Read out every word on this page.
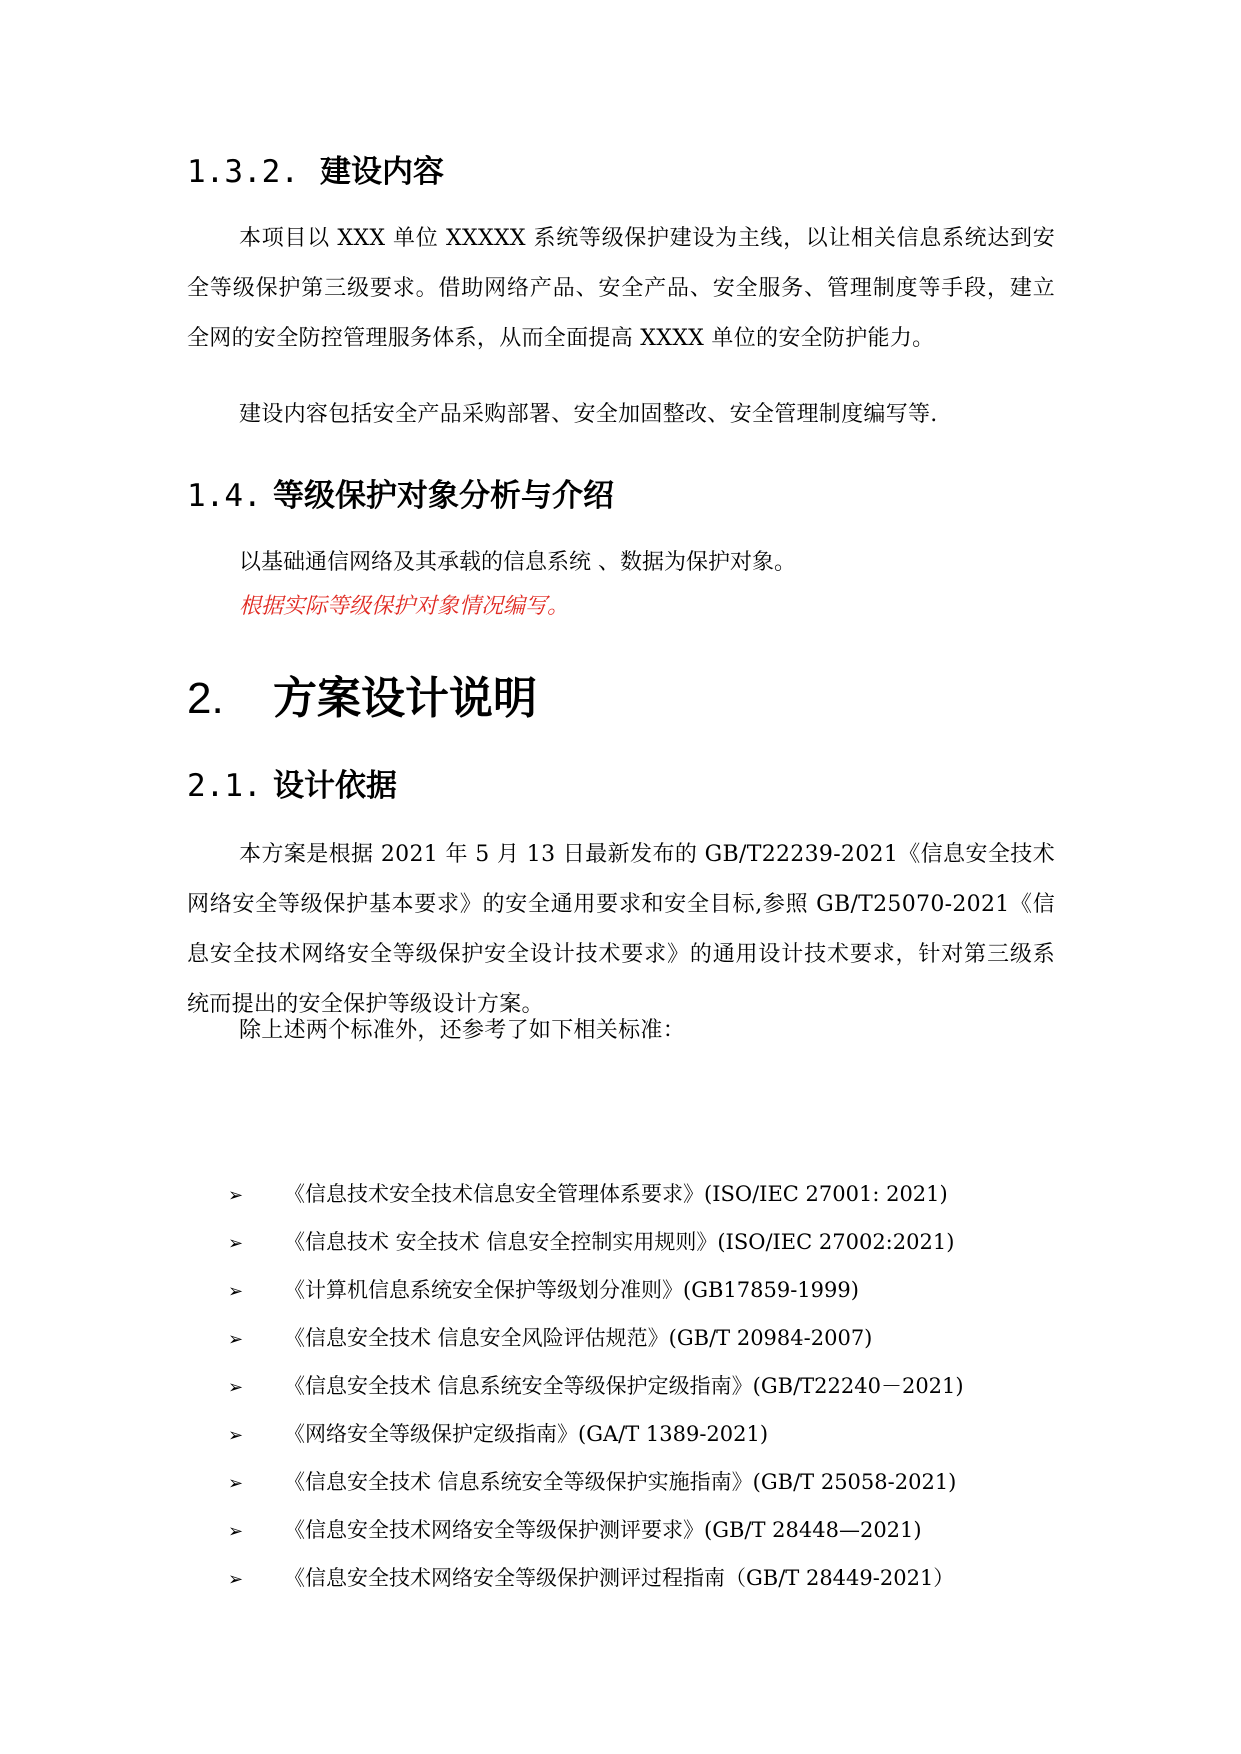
1.3.2. 建设内容

本项目以 XXX 单位 XXXXX 系统等级保护建设为主线，以让相关信息系统达到安全等级保护第三级要求。借助网络产品、安全产品、安全服务、管理制度等手段，建立全网的安全防控管理服务体系，从而全面提高 XXXX 单位的安全防护能力。

建设内容包括安全产品采购部署、安全加固整改、安全管理制度编写等.

1.4. 等级保护对象分析与介绍

以基础通信网络及其承载的信息系统 、数据为保护对象。

根据实际等级保护对象情况编写。

2. 方案设计说明
2.1. 设计依据

本方案是根据 2021 年 5 月 13 日最新发布的 GB/T22239-2021《信息安全技术网络安全等级保护基本要求》的安全通用要求和安全目标,参照 GB/T25070-2021《信息安全技术网络安全等级保护安全设计技术要求》的通用设计技术要求，针对第三级系统而提出的安全保护等级设计方案。

除上述两个标准外，还参考了如下相关标准：

➢ 《信息技术安全技术信息安全管理体系要求》(ISO/IEC 27001: 2021)
➢ 《信息技术 安全技术 信息安全控制实用规则》(ISO/IEC 27002:2021)
➢ 《计算机信息系统安全保护等级划分准则》(GB17859-1999)
➢ 《信息安全技术 信息安全风险评估规范》(GB/T 20984-2007)
➢ 《信息安全技术 信息系统安全等级保护定级指南》(GB/T22240－2021)
➢ 《网络安全等级保护定级指南》(GA/T 1389-2021)
➢ 《信息安全技术 信息系统安全等级保护实施指南》(GB/T 25058-2021)
➢ 《信息安全技术网络安全等级保护测评要求》(GB/T 28448—2021)
➢ 《信息安全技术网络安全等级保护测评过程指南（GB/T 28449-2021）
